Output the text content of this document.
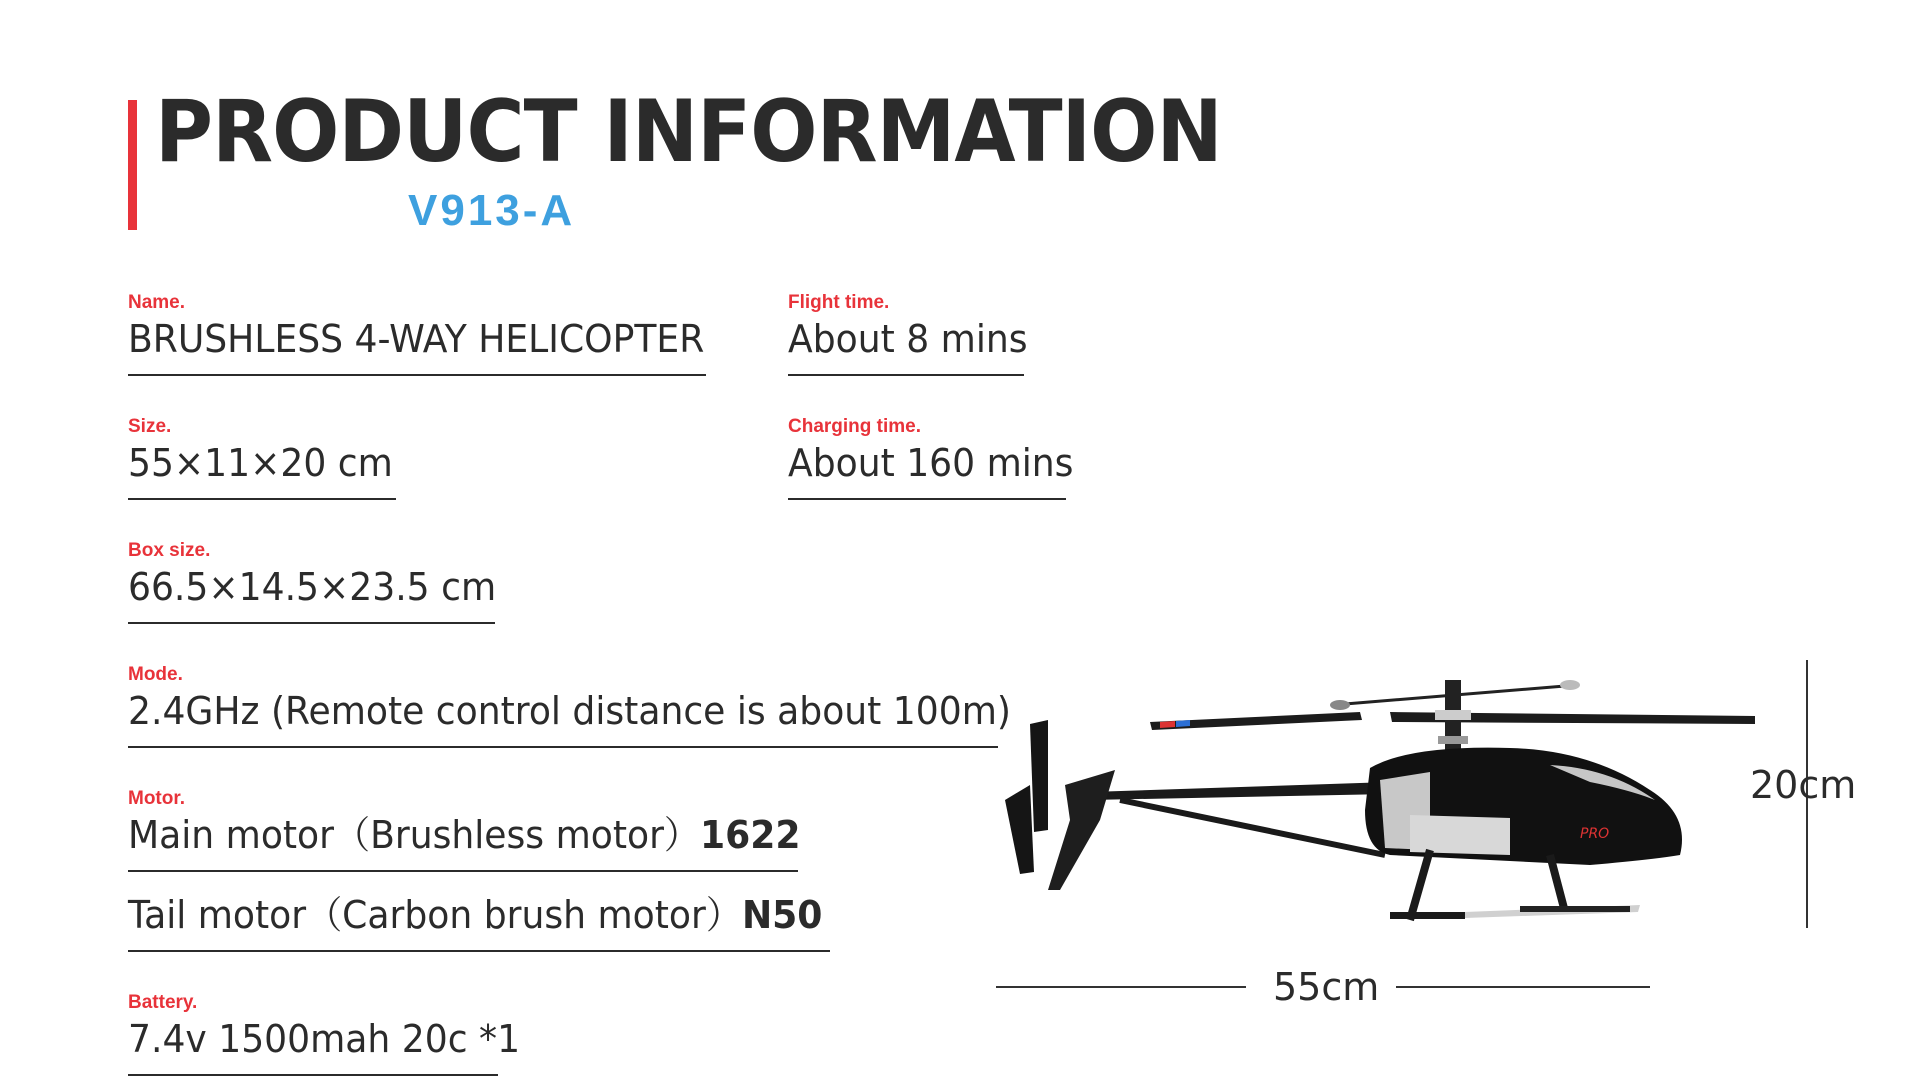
PRODUCT INFORMATION
V913-A
Name.
BRUSHLESS 4-WAY HELICOPTER
Size.
55×11×20 cm
Box size.
66.5×14.5×23.5 cm
Mode.
2.4GHz (Remote control distance is about 100m)
Motor.
Main motor（Brushless motor）1622
Tail motor（Carbon brush motor）N50
Battery.
7.4v 1500mah 20c *1
Flight time.
About 8 mins
Charging time.
About 160 mins
PRO
20cm
55cm
